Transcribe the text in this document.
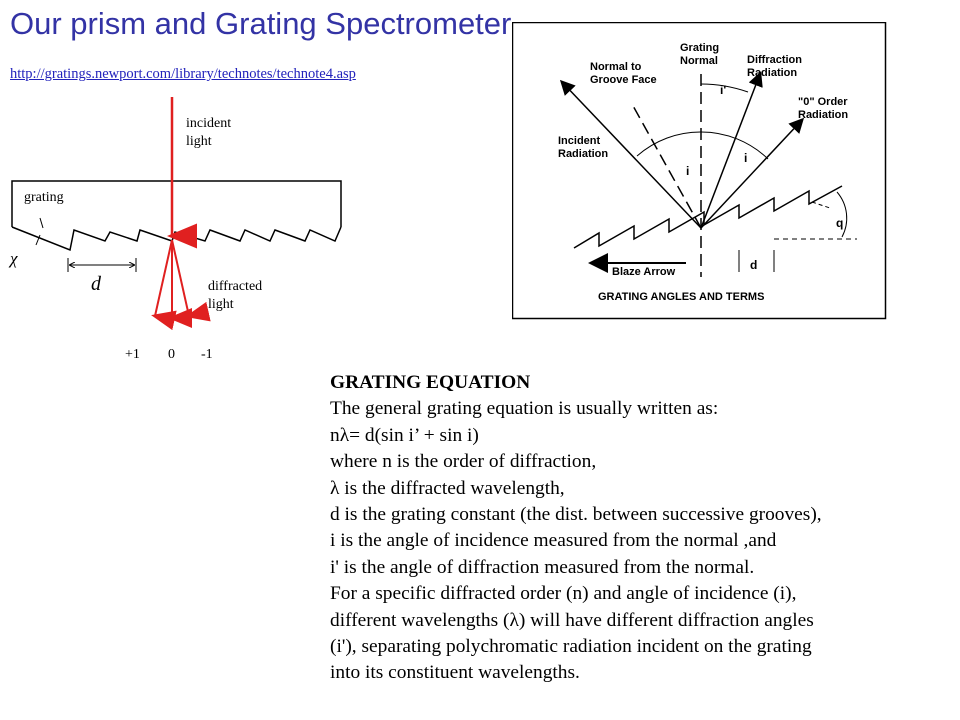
Our prism and Grating Spectrometer
http://gratings.newport.com/library/technotes/technote4.asp
incident
light
grating
χ
d	diffracted
light
+1 0 -1
Grating
Normal
Normal to
Groove Face
Diffraction
Radiation
"0" Order
Radiation
Incident
Radiation
i'
i
i
q
d
Blaze Arrow
GRATING ANGLES AND TERMS
GRATING EQUATION
The general grating equation is usually written as:
nλ= d(sin i’ + sin i)
where n is the order of diffraction,
λ is the diffracted wavelength,
d is the grating constant (the dist. between successive grooves),
i is the angle of incidence measured from the normal ,and
i' is the angle of diffraction measured from the normal.
For a specific diffracted order (n) and angle of incidence (i),
different wavelengths (λ) will have different diffraction angles
(i'), separating polychromatic radiation incident on the grating
into its constituent wavelengths.
